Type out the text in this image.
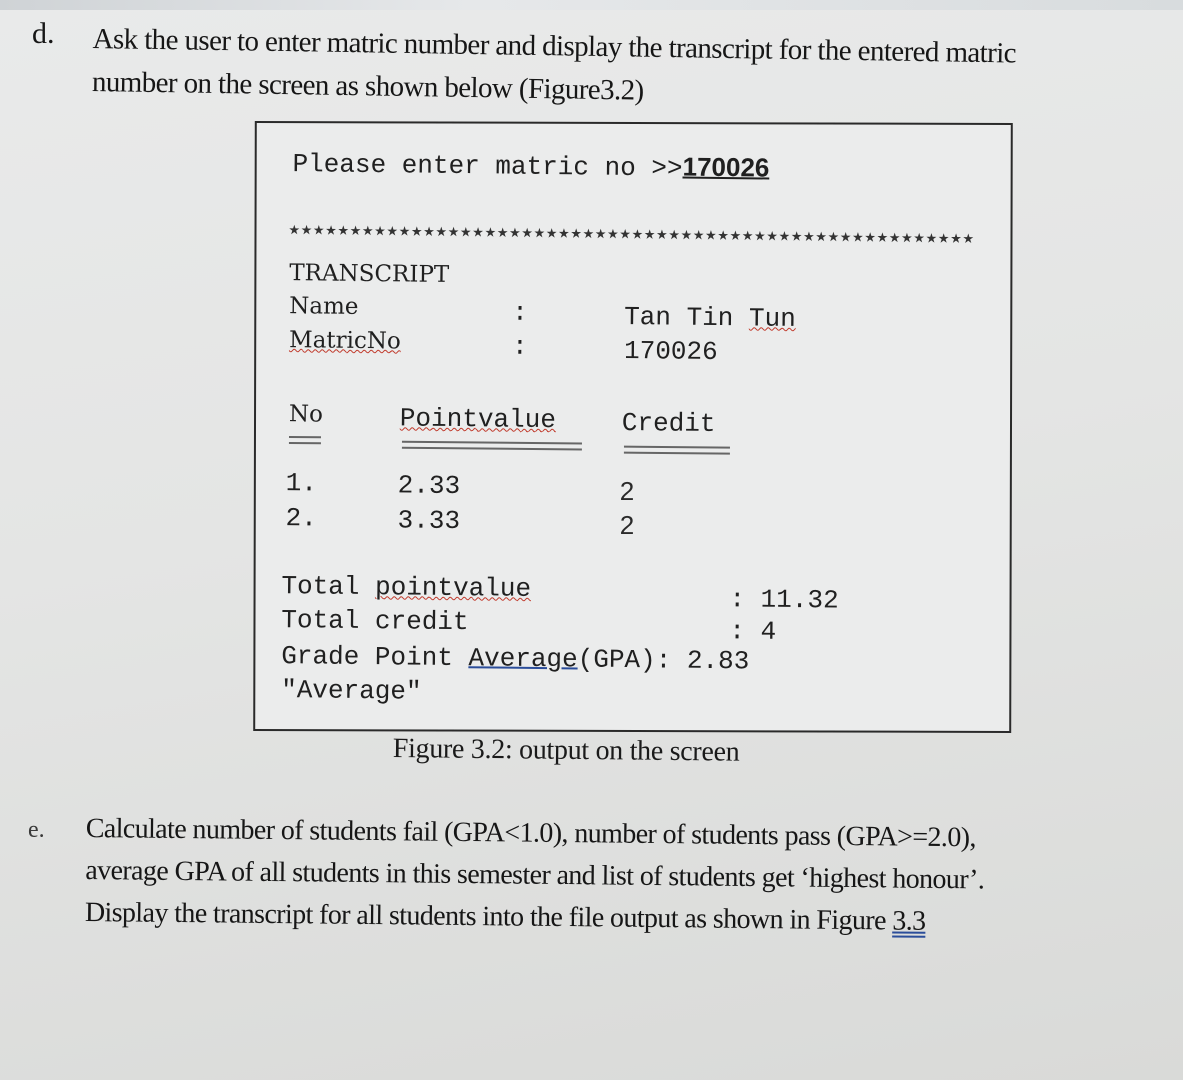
d. Ask the user to enter matric number and display the transcript for the entered matric
number on the screen as shown below (Figure3.2)
Please enter matric no >>170026
★★★★★★★★★★★★★★★★★★★★★★★★★★★★★★★★★★★★★★★★★★★★★★★★★★★★★★★★
TRANSCRIPT
Name	:	Tan Tin Tun
MatricNo	:	170026
No	Pointvalue	Credit
1.	2.33	2
2.	3.33	2
Total pointvalue	: 11.32
Total credit	: 4
Grade Point Average(GPA): 2.83
"Average"
Figure 3.2: output on the screen
e. Calculate number of students fail (GPA<1.0), number of students pass (GPA>=2.0),
average GPA of all students in this semester and list of students get ‘highest honour’.
Display the transcript for all students into the file output as shown in Figure 3.3
